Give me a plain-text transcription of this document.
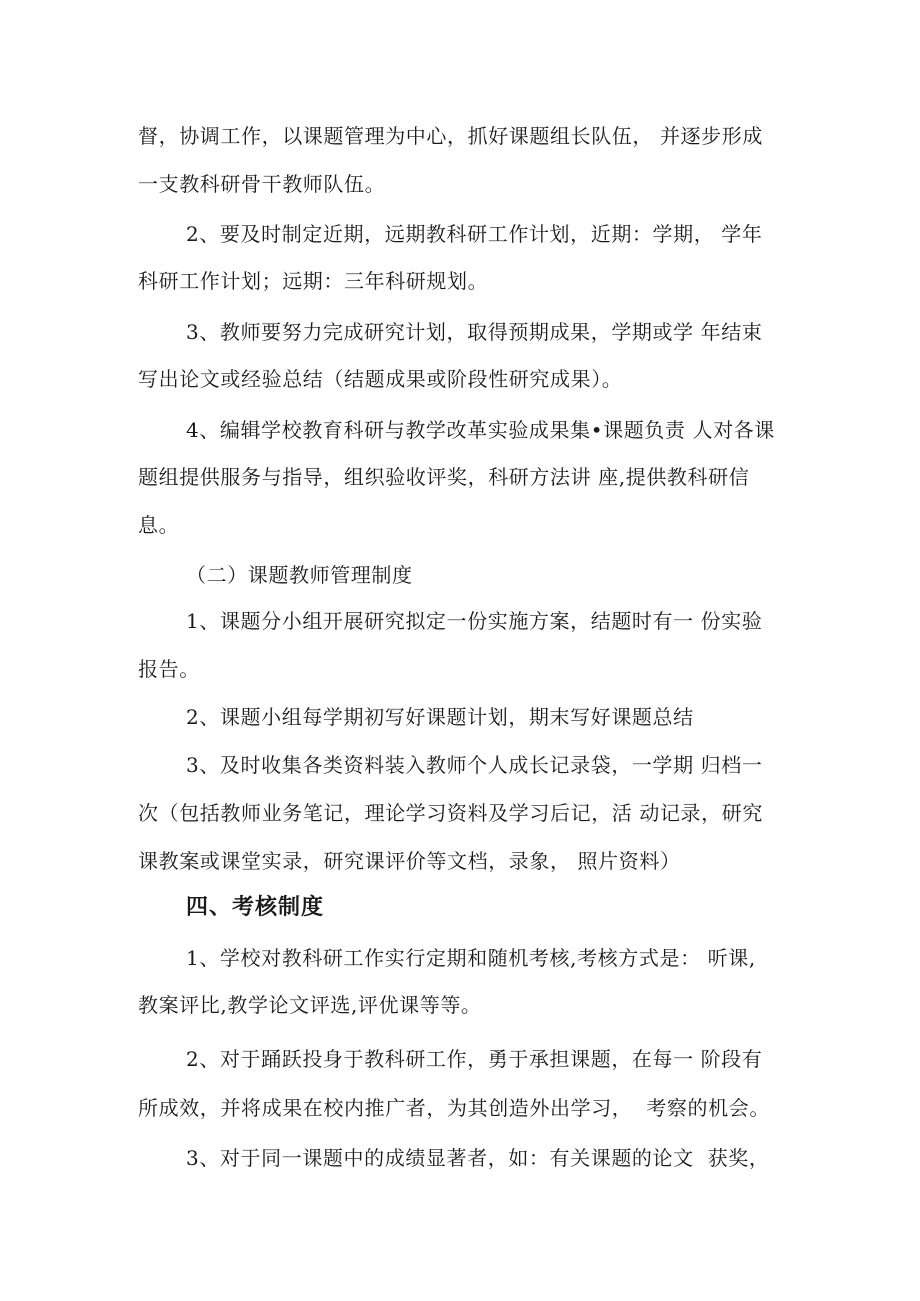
督，协调工作，以课题管理为中心，抓好课题组长队伍， 并逐步形成
一支教科研骨干教师队伍。
2、要及时制定近期，远期教科研工作计划，近期：学期， 学年
科研工作计划；远期：三年科研规划。
3、教师要努力完成研究计划，取得预期成果，学期或学 年结束
写出论文或经验总结（结题成果或阶段性研究成果）。
4、编辑学校教育科研与教学改革实验成果集•课题负责 人对各课
题组提供服务与指导，组织验收评奖，科研方法讲 座,提供教科研信
息。
（二）课题教师管理制度
1、课题分小组开展研究拟定一份实施方案，结题时有一 份实验
报告。
2、课题小组每学期初写好课题计划，期末写好课题总结
3、及时收集各类资料装入教师个人成长记录袋，一学期 归档一
次（包括教师业务笔记，理论学习资料及学习后记，活 动记录，研究
课教案或课堂实录，研究课评价等文档，录象， 照片资料）
四、考核制度
1、学校对教科研工作实行定期和随机考核,考核方式是： 听课,
教案评比,教学论文评选,评优课等等。
2、对于踊跃投身于教科研工作，勇于承担课题，在每一 阶段有
所成效，并将成果在校内推广者，为其创造外出学习，  考察的机会。
3、对于同一课题中的成绩显著者，如：有关课题的论文  获奖，
